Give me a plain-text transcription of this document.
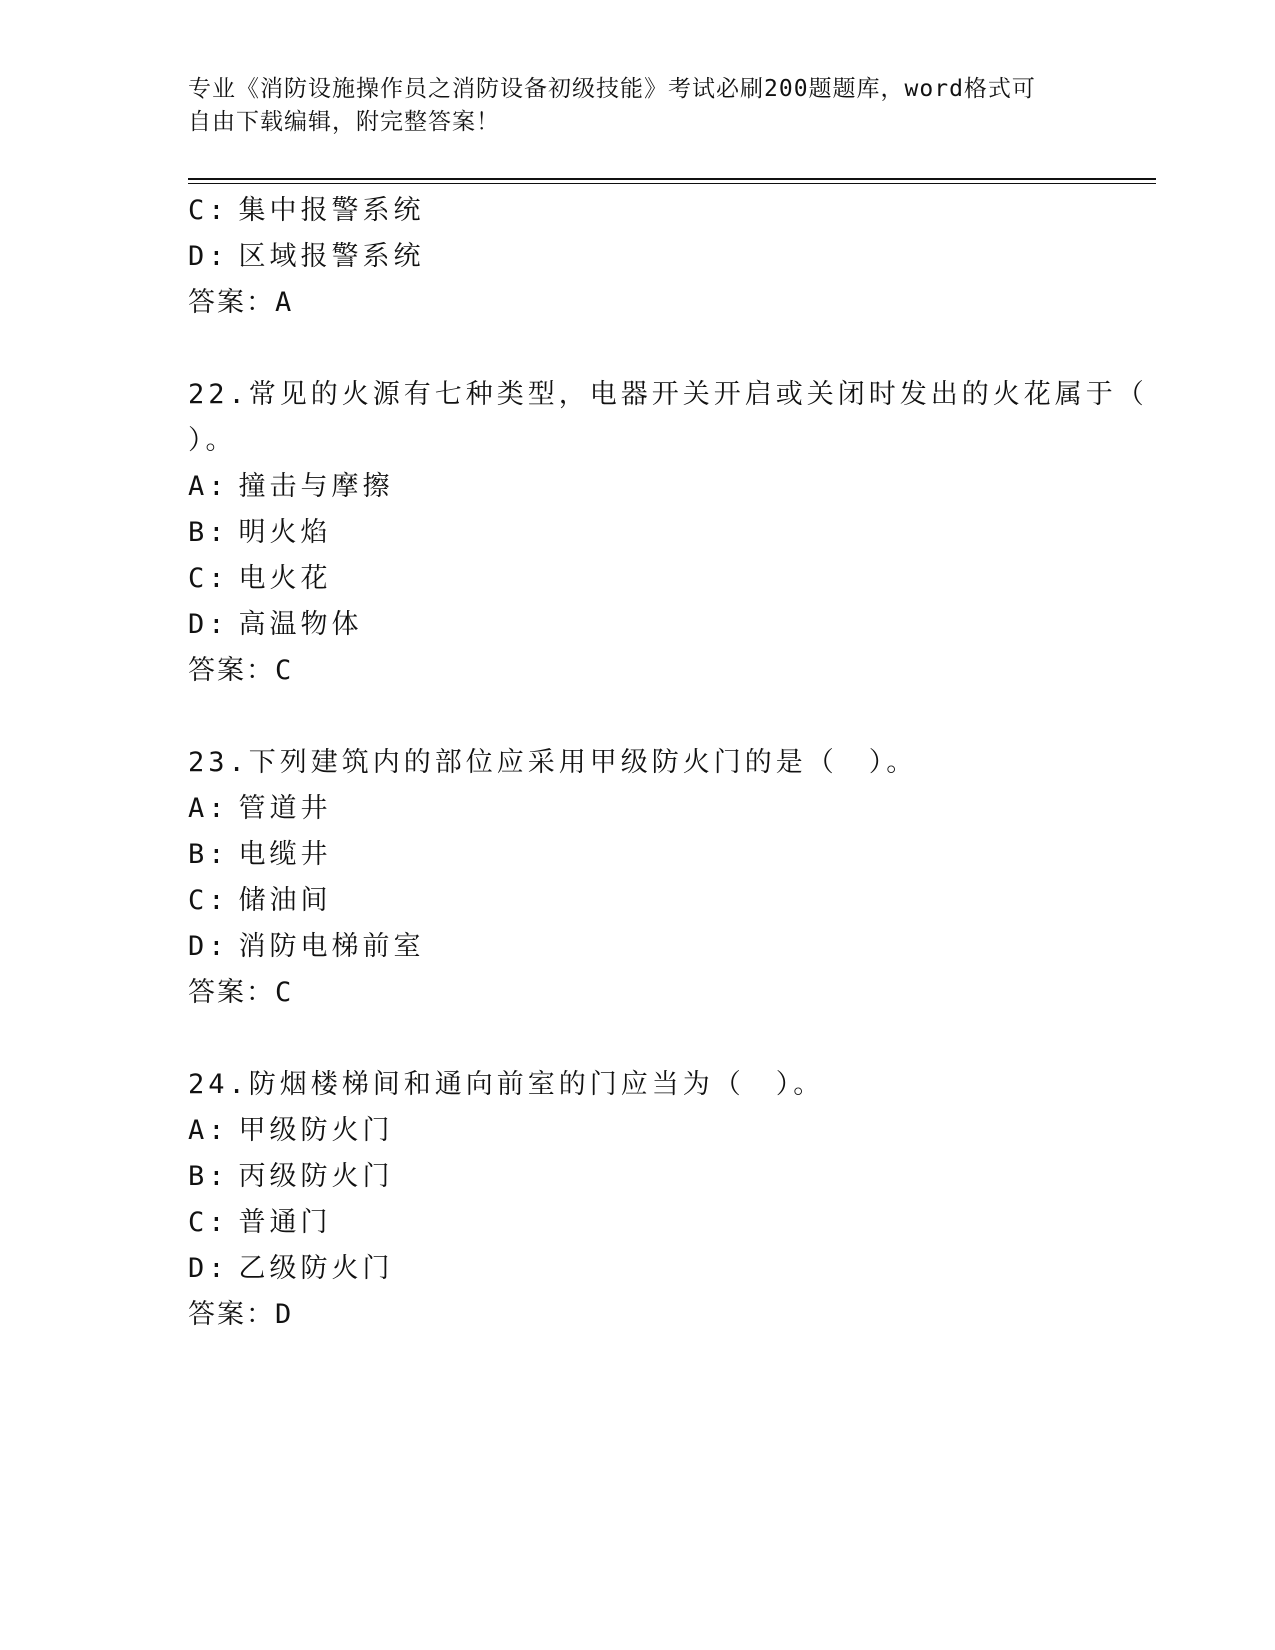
专业《消防设施操作员之消防设备初级技能》考试必刷200题题库，word格式可
自由下载编辑，附完整答案！
C: 集中报警系统
D: 区域报警系统
答案：A
22.常见的火源有七种类型，电器开关开启或关闭时发出的火花属于（
）。
A: 撞击与摩擦
B: 明火焰
C: 电火花
D: 高温物体
答案：C
23.下列建筑内的部位应采用甲级防火门的是（　）。
A: 管道井
B: 电缆井
C: 储油间
D: 消防电梯前室
答案：C
24.防烟楼梯间和通向前室的门应当为（　）。
A: 甲级防火门
B: 丙级防火门
C: 普通门
D: 乙级防火门
答案：D
